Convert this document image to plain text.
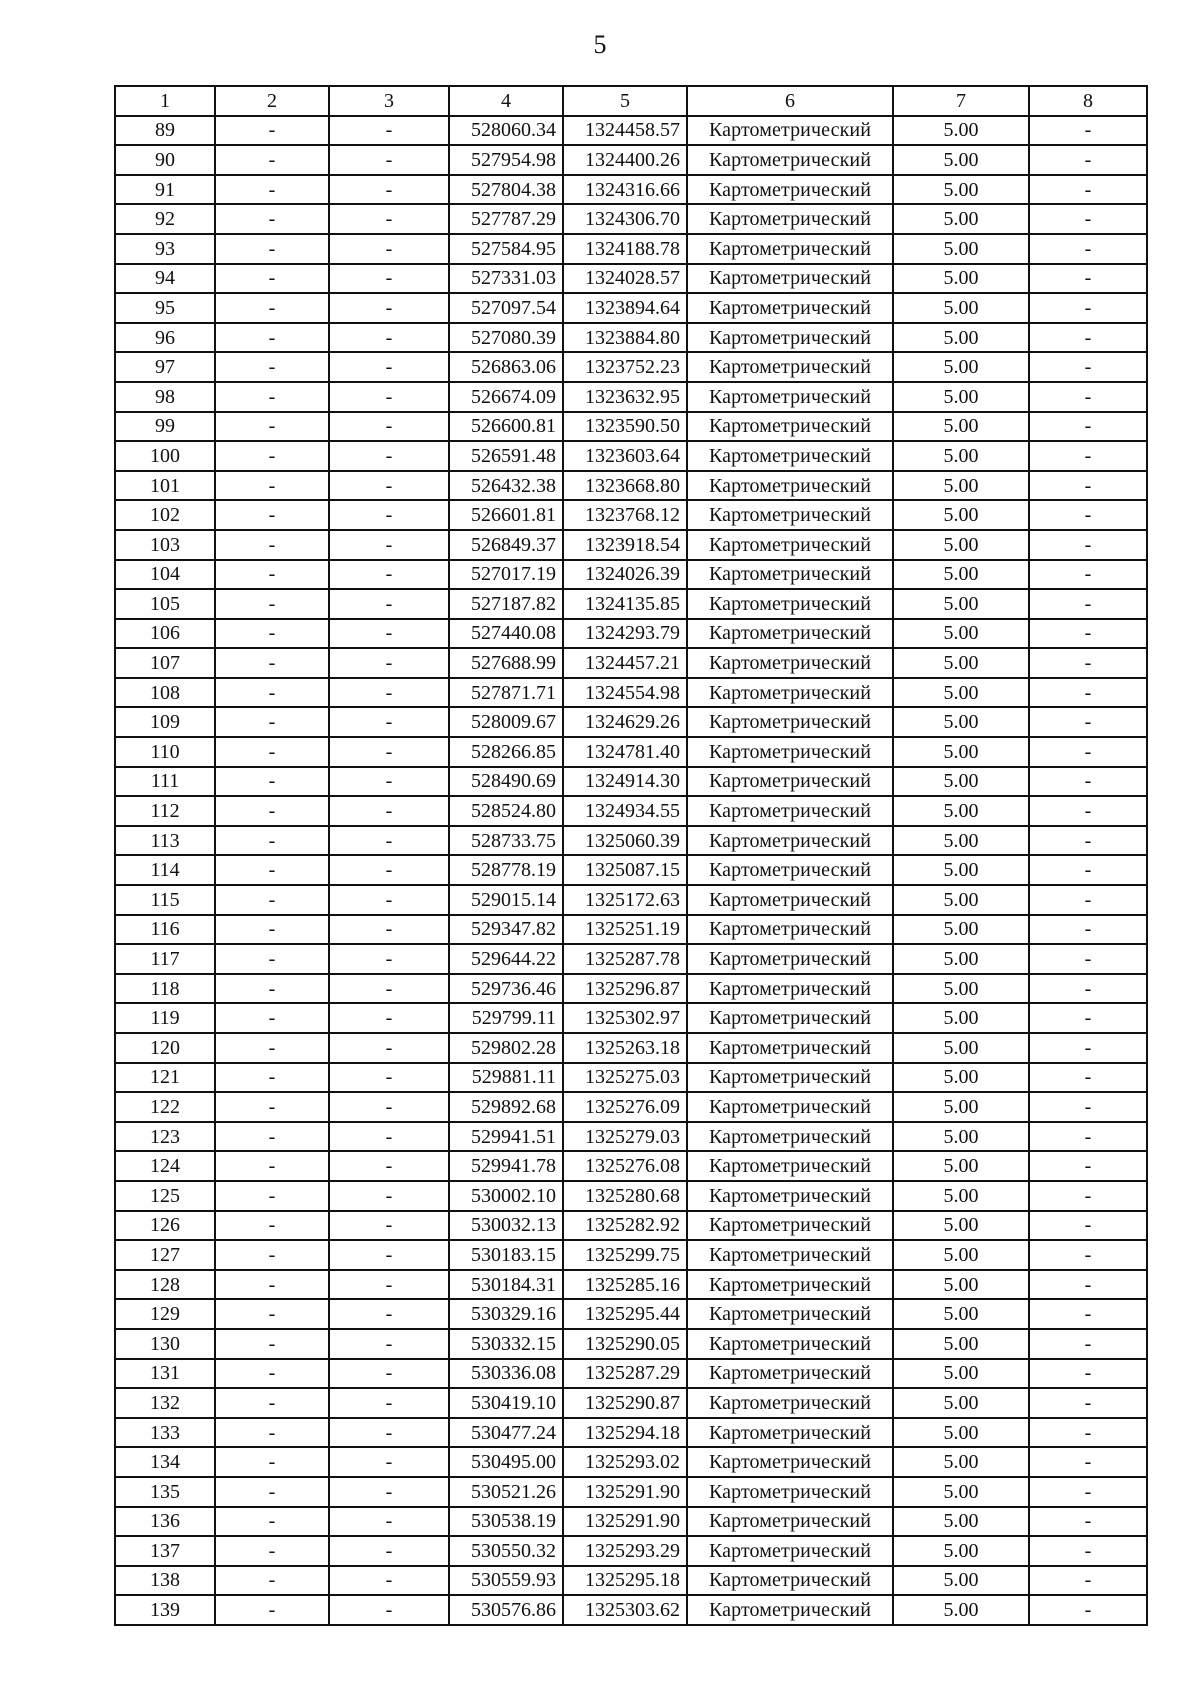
5
1	2	3	4	5	6	7	8
89	-	-	528060.34	1324458.57	Картометрический	5.00	-
90	-	-	527954.98	1324400.26	Картометрический	5.00	-
91	-	-	527804.38	1324316.66	Картометрический	5.00	-
92	-	-	527787.29	1324306.70	Картометрический	5.00	-
93	-	-	527584.95	1324188.78	Картометрический	5.00	-
94	-	-	527331.03	1324028.57	Картометрический	5.00	-
95	-	-	527097.54	1323894.64	Картометрический	5.00	-
96	-	-	527080.39	1323884.80	Картометрический	5.00	-
97	-	-	526863.06	1323752.23	Картометрический	5.00	-
98	-	-	526674.09	1323632.95	Картометрический	5.00	-
99	-	-	526600.81	1323590.50	Картометрический	5.00	-
100	-	-	526591.48	1323603.64	Картометрический	5.00	-
101	-	-	526432.38	1323668.80	Картометрический	5.00	-
102	-	-	526601.81	1323768.12	Картометрический	5.00	-
103	-	-	526849.37	1323918.54	Картометрический	5.00	-
104	-	-	527017.19	1324026.39	Картометрический	5.00	-
105	-	-	527187.82	1324135.85	Картометрический	5.00	-
106	-	-	527440.08	1324293.79	Картометрический	5.00	-
107	-	-	527688.99	1324457.21	Картометрический	5.00	-
108	-	-	527871.71	1324554.98	Картометрический	5.00	-
109	-	-	528009.67	1324629.26	Картометрический	5.00	-
110	-	-	528266.85	1324781.40	Картометрический	5.00	-
111	-	-	528490.69	1324914.30	Картометрический	5.00	-
112	-	-	528524.80	1324934.55	Картометрический	5.00	-
113	-	-	528733.75	1325060.39	Картометрический	5.00	-
114	-	-	528778.19	1325087.15	Картометрический	5.00	-
115	-	-	529015.14	1325172.63	Картометрический	5.00	-
116	-	-	529347.82	1325251.19	Картометрический	5.00	-
117	-	-	529644.22	1325287.78	Картометрический	5.00	-
118	-	-	529736.46	1325296.87	Картометрический	5.00	-
119	-	-	529799.11	1325302.97	Картометрический	5.00	-
120	-	-	529802.28	1325263.18	Картометрический	5.00	-
121	-	-	529881.11	1325275.03	Картометрический	5.00	-
122	-	-	529892.68	1325276.09	Картометрический	5.00	-
123	-	-	529941.51	1325279.03	Картометрический	5.00	-
124	-	-	529941.78	1325276.08	Картометрический	5.00	-
125	-	-	530002.10	1325280.68	Картометрический	5.00	-
126	-	-	530032.13	1325282.92	Картометрический	5.00	-
127	-	-	530183.15	1325299.75	Картометрический	5.00	-
128	-	-	530184.31	1325285.16	Картометрический	5.00	-
129	-	-	530329.16	1325295.44	Картометрический	5.00	-
130	-	-	530332.15	1325290.05	Картометрический	5.00	-
131	-	-	530336.08	1325287.29	Картометрический	5.00	-
132	-	-	530419.10	1325290.87	Картометрический	5.00	-
133	-	-	530477.24	1325294.18	Картометрический	5.00	-
134	-	-	530495.00	1325293.02	Картометрический	5.00	-
135	-	-	530521.26	1325291.90	Картометрический	5.00	-
136	-	-	530538.19	1325291.90	Картометрический	5.00	-
137	-	-	530550.32	1325293.29	Картометрический	5.00	-
138	-	-	530559.93	1325295.18	Картометрический	5.00	-
139	-	-	530576.86	1325303.62	Картометрический	5.00	-
